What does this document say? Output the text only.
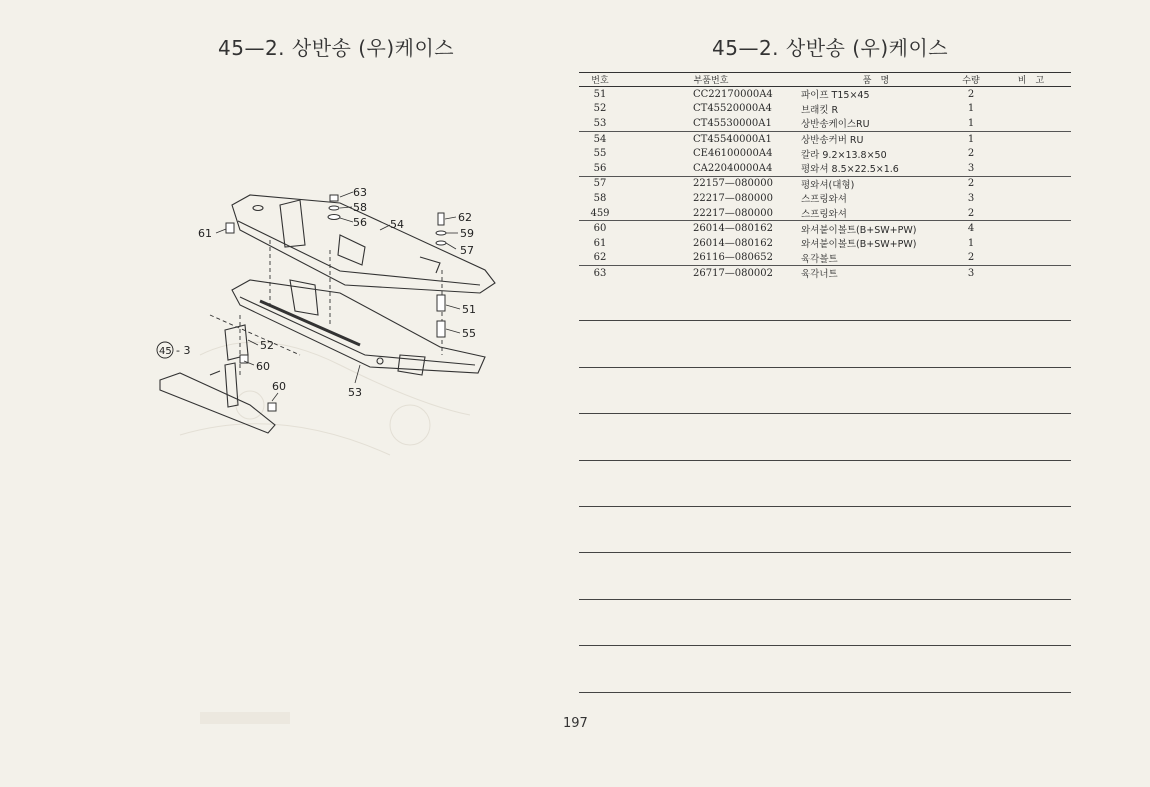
45—2. 상반송 (우)케이스	45—2. 상반송 (우)케이스
63
58
56 54
62
59
57
61
51
55
52
45 - 3
60
60	53
번호	부품번호	품　명	수량	비　고
51	CC22170000A4	파이프 T15×45	2	
52	CT45520000A4	브래킷 R	1	
53	CT45530000A1	상반송케이스RU	1	
54	CT45540000A1	상반송커버 RU	1	
55	CE46100000A4	칼라 9.2×13.8×50	2	
56	CA22040000A4	평와셔 8.5×22.5×1.6	3	
57	22157—080000	평와셔(대형)	2	
58	22217—080000	스프링와셔	3	
459	22217—080000	스프링와셔	2	
60	26014—080162	와셔붙이볼트(B+SW+PW)	4	
61	26014—080162	와셔붙이볼트(B+SW+PW)	1	
62	26116—080652	육각볼트	2	
63	26717—080002	육각너트	3	
197
